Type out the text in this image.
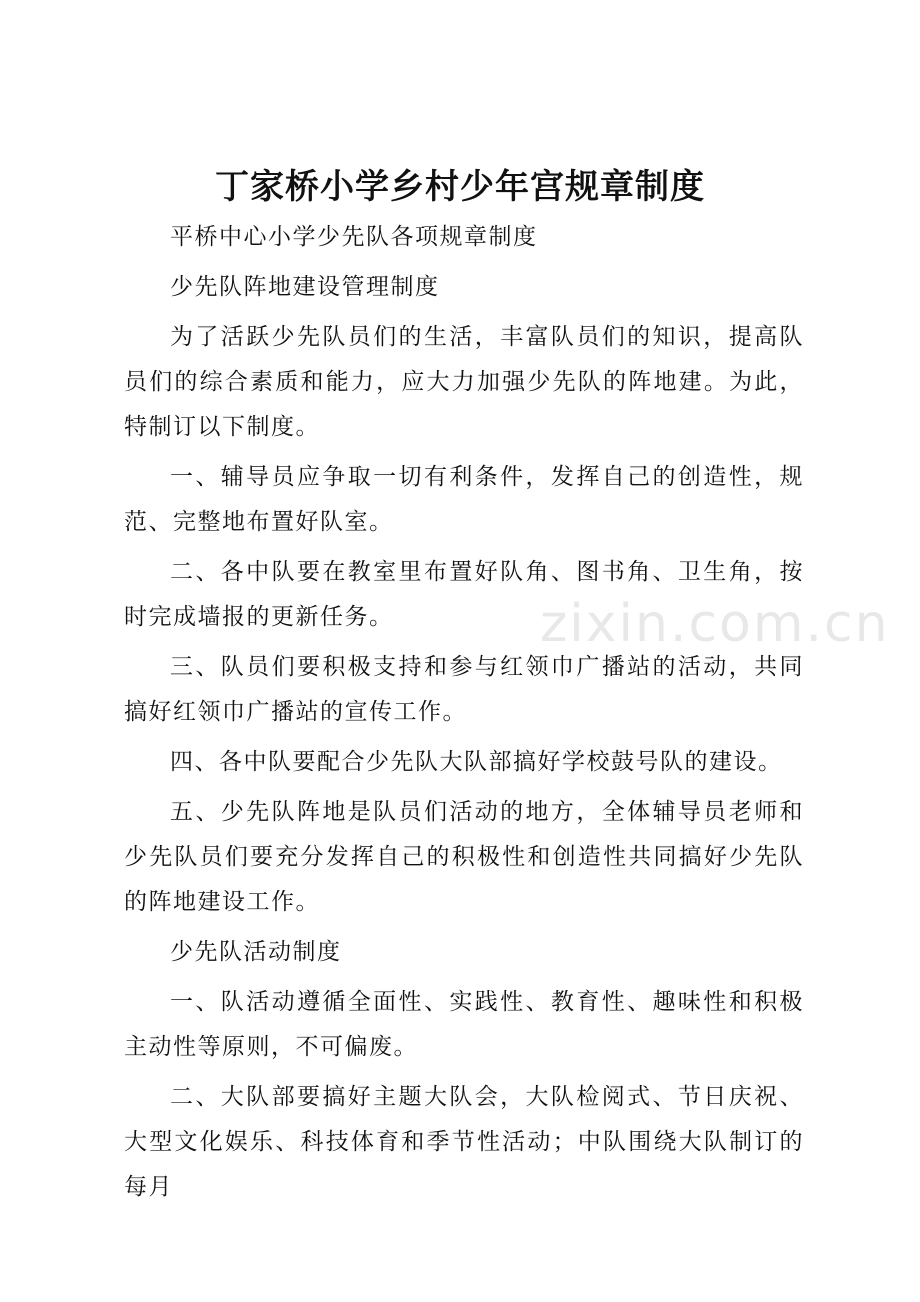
丁家桥小学乡村少年宫规章制度

平桥中心小学少先队各项规章制度

少先队阵地建设管理制度

为了活跃少先队员们的生活，丰富队员们的知识，提高队员们的综合素质和能力，应大力加强少先队的阵地建。为此，特制订以下制度。

一、辅导员应争取一切有利条件，发挥自己的创造性，规范、完整地布置好队室。

二、各中队要在教室里布置好队角、图书角、卫生角，按时完成墙报的更新任务。

三、队员们要积极支持和参与红领巾广播站的活动，共同搞好红领巾广播站的宣传工作。

四、各中队要配合少先队大队部搞好学校鼓号队的建设。

五、少先队阵地是队员们活动的地方，全体辅导员老师和少先队员们要充分发挥自己的积极性和创造性共同搞好少先队的阵地建设工作。

少先队活动制度

一、队活动遵循全面性、实践性、教育性、趣味性和积极主动性等原则，不可偏废。

二、大队部要搞好主题大队会，大队检阅式、节日庆祝、大型文化娱乐、科技体育和季节性活动；中队围绕大队制订的每月

zixin.com.cn
